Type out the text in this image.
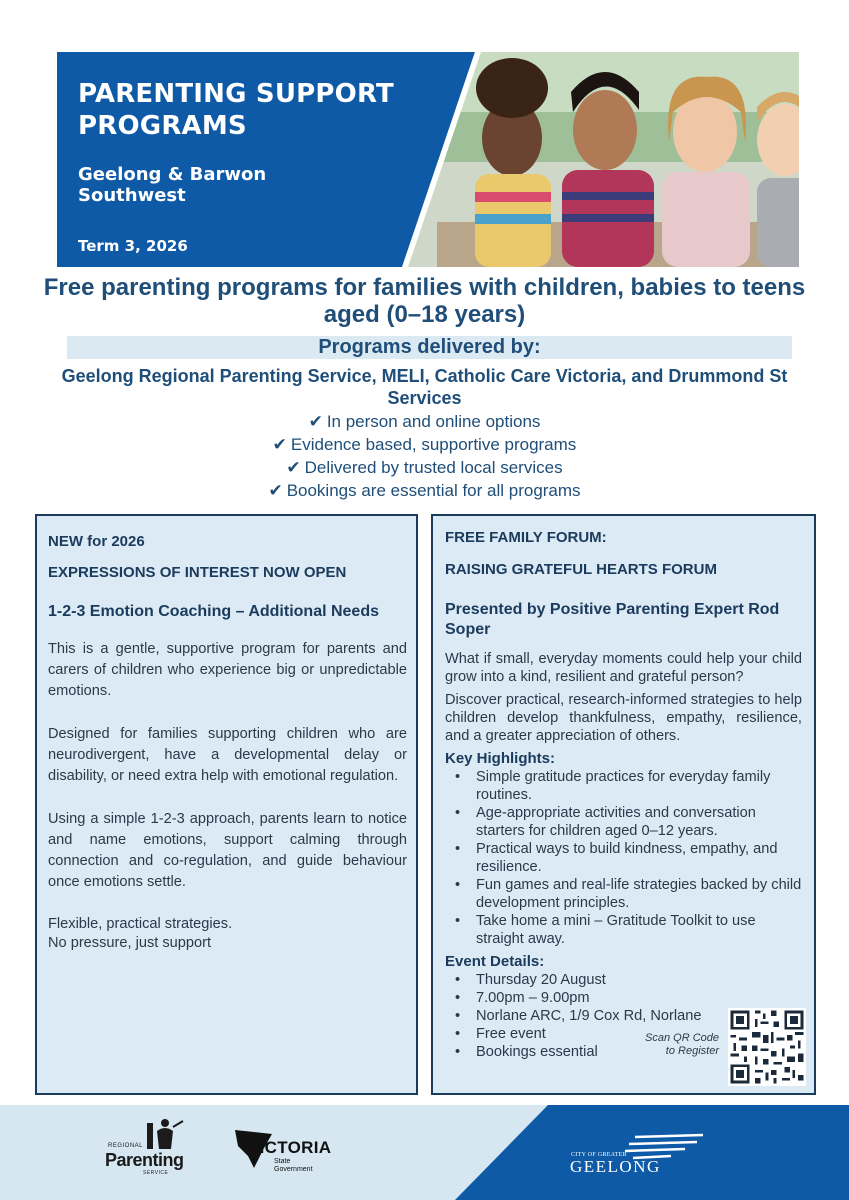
PARENTING SUPPORT PROGRAMS
Geelong & Barwon Southwest
Term 3, 2026
Free parenting programs for families with children, babies to teens aged (0–18 years)
Programs delivered by:
Geelong Regional Parenting Service, MELI, Catholic Care Victoria, and Drummond St Services
✔ In person and online options
✔ Evidence based, supportive programs
✔ Delivered by trusted local services
✔ Bookings are essential for all programs
NEW for 2026
EXPRESSIONS OF INTEREST NOW OPEN
1-2-3 Emotion Coaching – Additional Needs

This is a gentle, supportive program for parents and carers of children who experience big or unpredictable emotions.

Designed for families supporting children who are neurodivergent, have a developmental delay or disability, or need extra help with emotional regulation.

Using a simple 1-2-3 approach, parents learn to notice and name emotions, support calming through connection and co-regulation, and guide behaviour once emotions settle.

Flexible, practical strategies.
No pressure, just support

FREE FAMILY FORUM:
RAISING GRATEFUL HEARTS FORUM
Presented by Positive Parenting Expert Rod Soper

What if small, everyday moments could help your child grow into a kind, resilient and grateful person?

Discover practical, research-informed strategies to help children develop thankfulness, empathy, resilience, and a greater appreciation of others.

Key Highlights:
• Simple gratitude practices for everyday family routines.
• Age-appropriate activities and conversation starters for children aged 0–12 years.
• Practical ways to build kindness, empathy, and resilience.
• Fun games and real-life strategies backed by child development principles.
• Take home a mini – Gratitude Toolkit to use straight away.
Event Details:
• Thursday 20 August
• 7.00pm – 9.00pm
• Norlane ARC, 1/9 Cox Rd, Norlane
• Free event
• Bookings essential
Scan QR Code to Register
REGIONAL
Parenting
SERVICE
VICTORIA
State
Government
CITY OF GREATER
GEELONG
